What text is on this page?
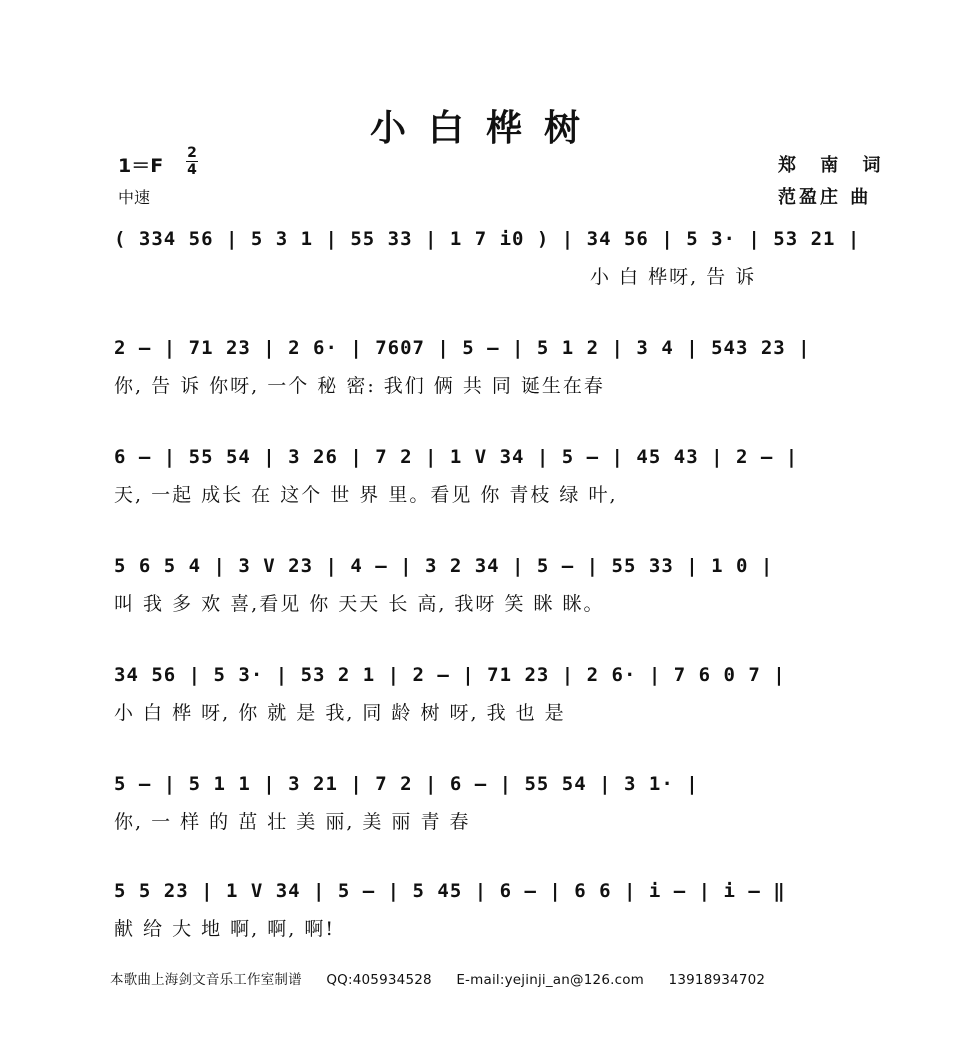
小白桦树
1＝F
2
4
中速
郑 南 词
范盈庄 曲
( 334 56 | 5 3 1 | 55 33 | 1 7 i0 ) | 34 56 | 5 3· | 53 21 |
小 白 桦呀, 告 诉
2 – | 71 23 | 2 6· | 7607 | 5 – | 5 1 2 | 3 4 | 543 23 |
你, 告 诉 你呀, 一个 秘 密: 我们 俩 共 同 诞生在春
6 – | 55 54 | 3 26 | 7 2 | 1 V 34 | 5 – | 45 43 | 2 – |
天, 一起 成长 在 这个 世 界 里。看见 你 青枝 绿 叶,
5 6 5 4 | 3 V 23 | 4 – | 3 2 34 | 5 – | 55 33 | 1 0 |
叫 我 多 欢 喜,看见 你 天天 长 高, 我呀 笑 眯 眯。
34 56 | 5 3· | 53 2 1 | 2 – | 71 23 | 2 6· | 7 6 0 7 |
小 白 桦 呀, 你 就 是 我, 同 龄 树 呀, 我 也 是
5 – | 5 1 1 | 3 21 | 7 2 | 6 – | 55 54 | 3 1· |
你, 一 样 的 茁 壮 美 丽, 美 丽 青 春
5 5 23 | 1 V 34 | 5 – | 5 45 | 6 – | 6 6 | i – | i – ‖
献 给 大 地 啊, 啊, 啊!
本歌曲上海剑文音乐工作室制谱 QQ:405934528 E-mail:yejinji_an@126.com 13918934702
